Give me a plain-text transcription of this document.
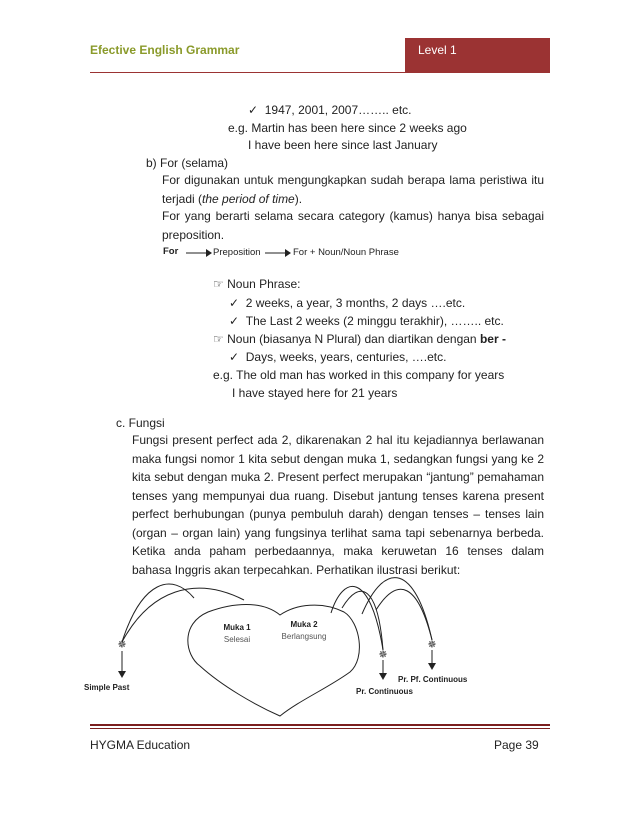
Efective English Grammar	Level 1
✓ 1947, 2001, 2007…….. etc.
e.g. Martin has been here since 2 weeks ago
I have been here since last January
b) For (selama)
For digunakan untuk mengungkapkan sudah berapa lama peristiwa itu terjadi (the period of time).
For yang berarti selama secara category (kamus) hanya bisa sebagai preposition.
For	Preposition	For + Noun/Noun Phrase
☞ Noun Phrase:
✓ 2 weeks, a year, 3 months, 2 days ….etc.
✓ The Last 2 weeks (2 minggu terakhir), …….. etc.
☞ Noun (biasanya N Plural) dan diartikan dengan ber -
✓ Days, weeks, years, centuries, ….etc.
e.g. The old man has worked in this company for years
I have stayed here for 21 years
c. Fungsi
Fungsi present perfect ada 2, dikarenakan 2 hal itu kejadiannya berlawanan maka fungsi nomor 1 kita sebut dengan muka 1, sedangkan fungsi yang ke 2 kita sebut dengan muka 2. Present perfect merupakan “jantung” pemahaman tenses yang mempunyai dua ruang. Disebut jantung tenses karena present perfect berhubungan (punya pembuluh darah) dengan tenses – tenses lain (organ – organ lain) yang fungsinya terlihat sama tapi sebenarnya berbeda. Ketika anda paham perbedaannya, maka keruwetan 16 tenses dalam bahasa Inggris akan terpecahkan. Perhatikan ilustrasi berikut:
✵
✵
✵
Muka 1
Selesai
Muka 2
Berlangsung
Simple Past	Pr. Continuous
Pr. Pf. Continuous
HYGMA Education	Page 39
